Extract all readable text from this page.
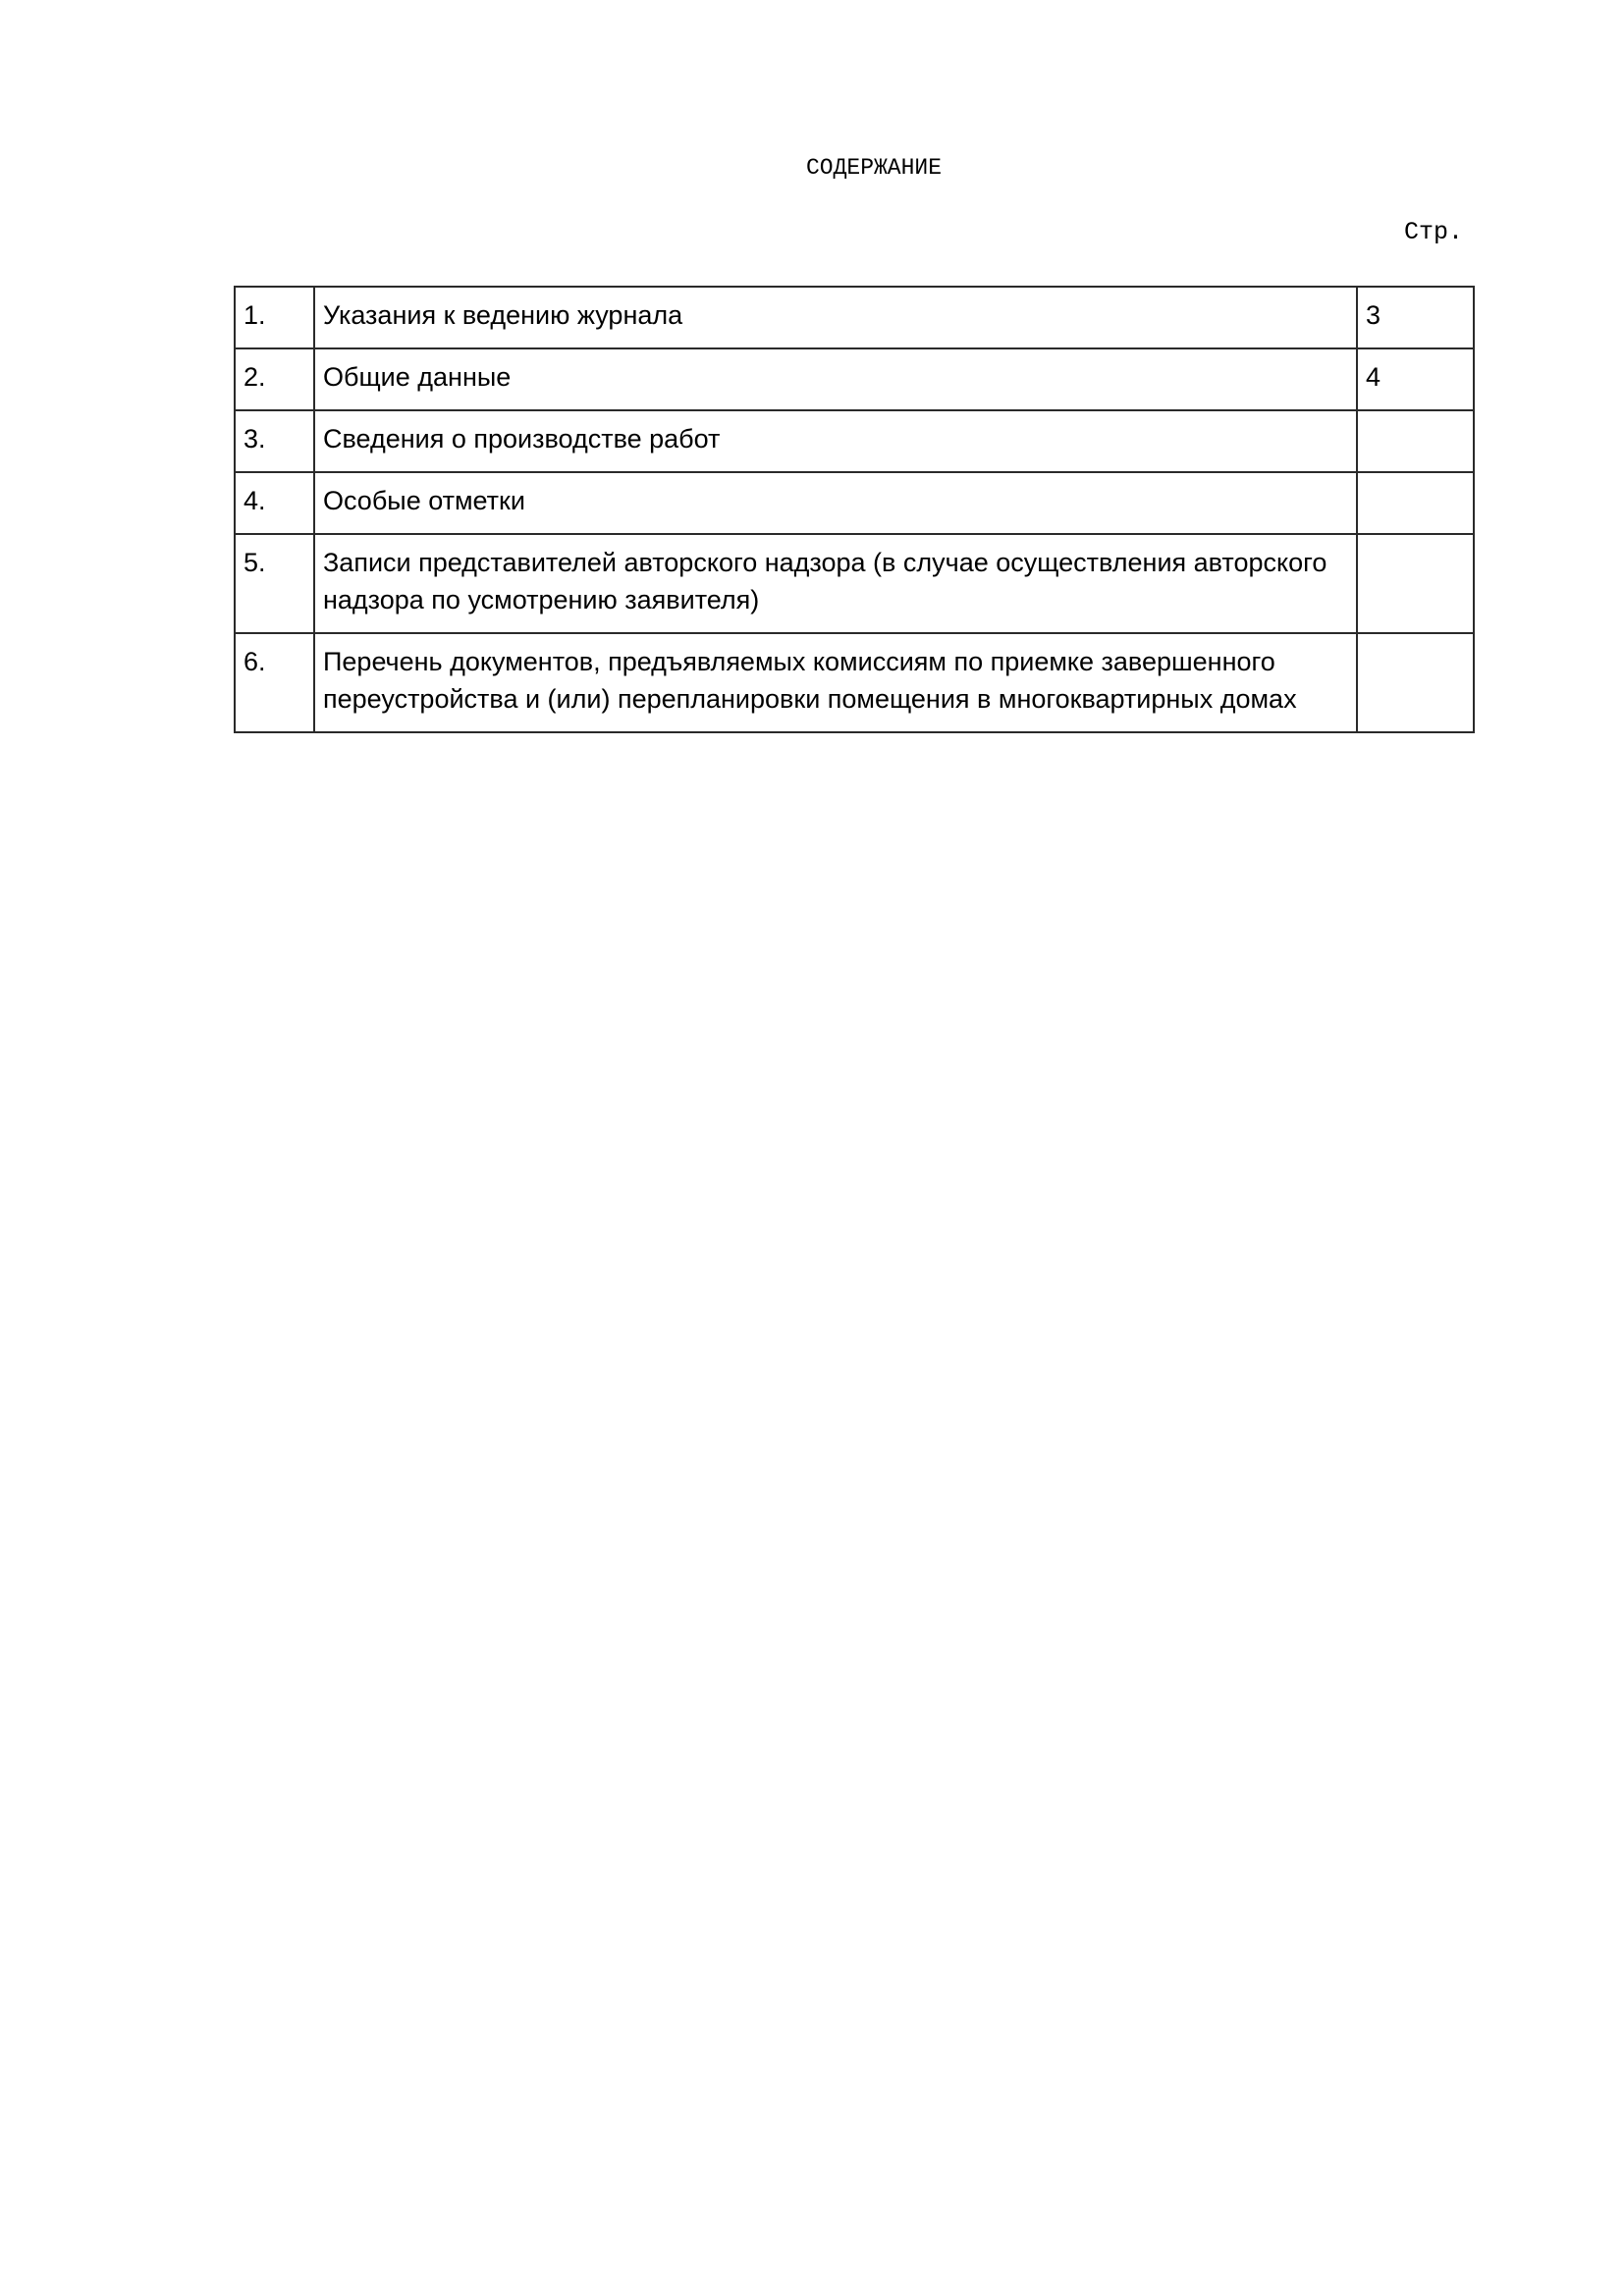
СОДЕРЖАНИЕ
Стр.
1.	Указания к ведению журнала	3
2.	Общие данные	4
3.	Сведения о производстве работ	
4.	Особые отметки	
5.	Записи представителей авторского надзора (в случае осуществления авторского надзора по усмотрению заявителя)	
6.	Перечень документов, предъявляемых комиссиям по приемке завершенного переустройства и (или) перепланировки помещения в многоквартирных домах	
